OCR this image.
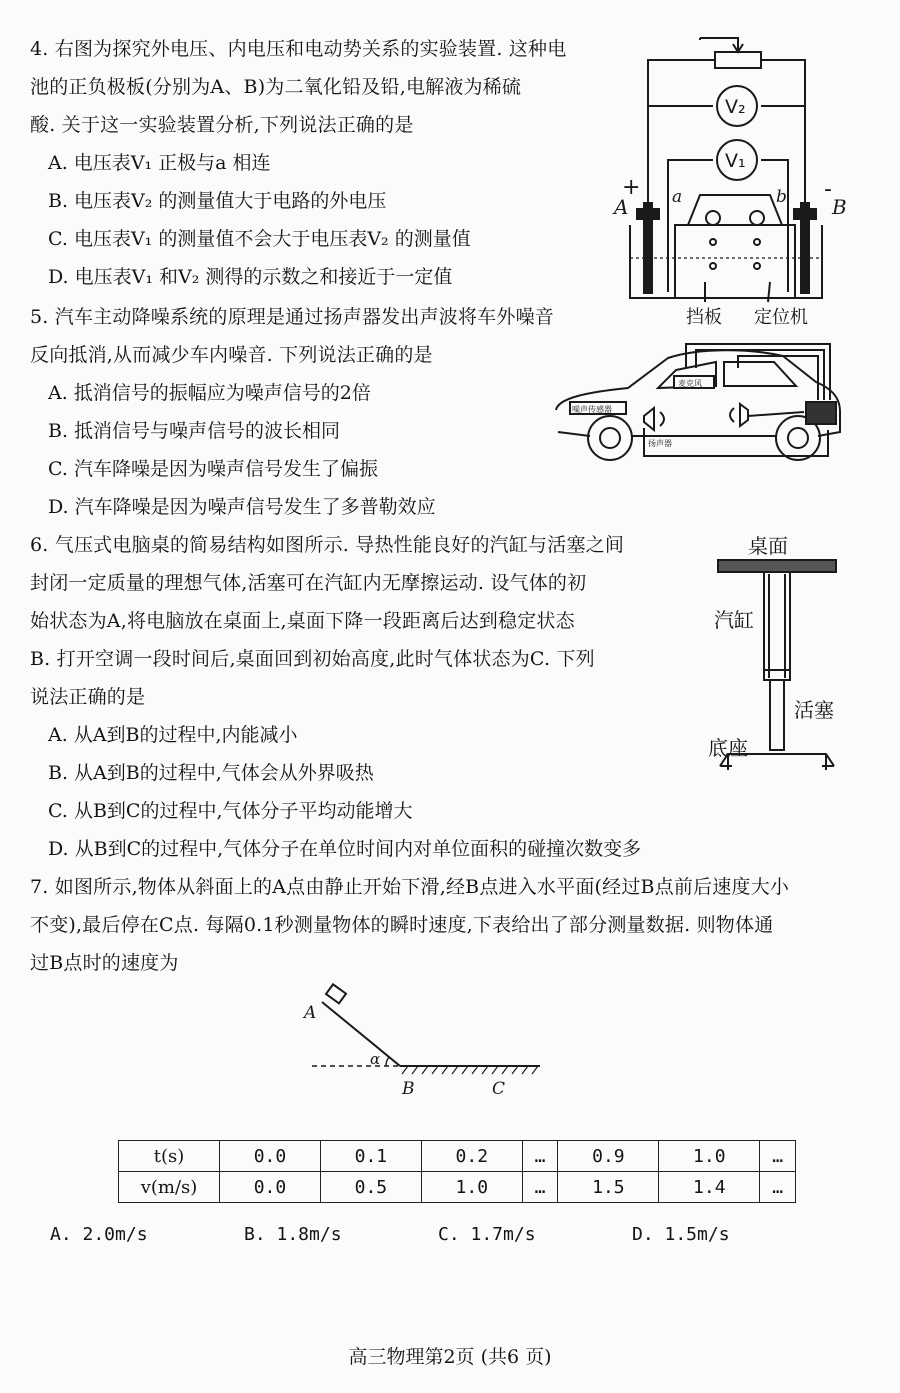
4. 右图为探究外电压、内电压和电动势关系的实验装置. 这种电
池的正负极板(分别为A、B)为二氧化铅及铅,电解液为稀硫
酸. 关于这一实验装置分析,下列说法正确的是
A. 电压表V₁ 正极与a 相连
B. 电压表V₂ 的测量值大于电路的外电压
C. 电压表V₁ 的测量值不会大于电压表V₂ 的测量值
D. 电压表V₁ 和V₂ 测得的示数之和接近于一定值
V₂
V₁
+	-
A	B
a	b
挡板 定位机
5. 汽车主动降噪系统的原理是通过扬声器发出声波将车外噪音
反向抵消,从而减少车内噪音. 下列说法正确的是
A. 抵消信号的振幅应为噪声信号的2倍
B. 抵消信号与噪声信号的波长相同
C. 汽车降噪是因为噪声信号发生了偏振
D. 汽车降噪是因为噪声信号发生了多普勒效应
麦克风
噪声传感器
扬声器
6. 气压式电脑桌的简易结构如图所示. 导热性能良好的汽缸与活塞之间
封闭一定质量的理想气体,活塞可在汽缸内无摩擦运动. 设气体的初
始状态为A,将电脑放在桌面上,桌面下降一段距离后达到稳定状态
B. 打开空调一段时间后,桌面回到初始高度,此时气体状态为C. 下列
说法正确的是
A. 从A到B的过程中,内能减小
B. 从A到B的过程中,气体会从外界吸热
C. 从B到C的过程中,气体分子平均动能增大
D. 从B到C的过程中,气体分子在单位时间内对单位面积的碰撞次数变多
桌面
汽缸
活塞
底座
7. 如图所示,物体从斜面上的A点由静止开始下滑,经B点进入水平面(经过B点前后速度大小
不变),最后停在C点. 每隔0.1秒测量物体的瞬时速度,下表给出了部分测量数据. 则物体通
过B点时的速度为
A
B	C
α
t(s)	0.0	0.1	0.2	…	0.9	1.0	…
v(m/s)	0.0	0.5	1.0	…	1.5	1.4	…
A. 2.0m/s	B. 1.8m/s	C. 1.7m/s	D. 1.5m/s
高三物理第2页 (共6 页)
